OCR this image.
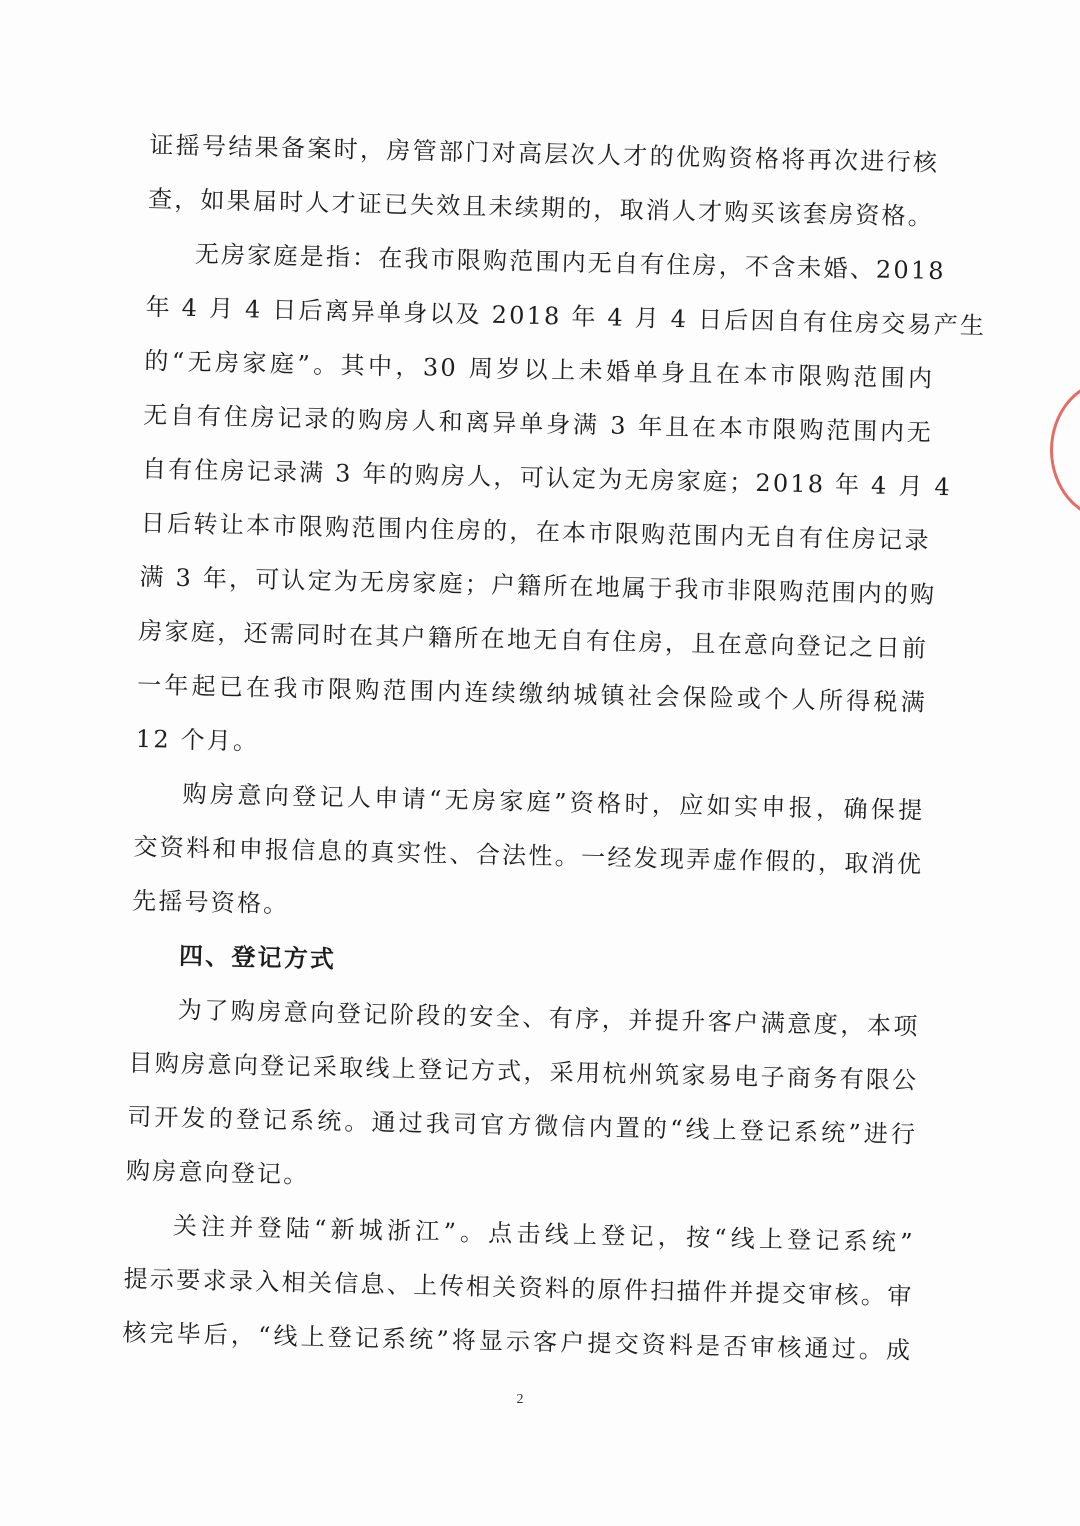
证摇号结果备案时，房管部门对高层次人才的优购资格将再次进行核
查，如果届时人才证已失效且未续期的，取消人才购买该套房资格。
无房家庭是指：在我市限购范围内无自有住房，不含未婚、2018
年 4 月 4 日后离异单身以及 2018 年 4 月 4 日后因自有住房交易产生
的“无房家庭”。其中，30 周岁以上未婚单身且在本市限购范围内
无自有住房记录的购房人和离异单身满 3 年且在本市限购范围内无
自有住房记录满 3 年的购房人，可认定为无房家庭；2018 年 4 月 4
日后转让本市限购范围内住房的，在本市限购范围内无自有住房记录
满 3 年，可认定为无房家庭；户籍所在地属于我市非限购范围内的购
房家庭，还需同时在其户籍所在地无自有住房，且在意向登记之日前
一年起已在我市限购范围内连续缴纳城镇社会保险或个人所得税满
12 个月。
购房意向登记人申请“无房家庭”资格时，应如实申报，确保提
交资料和申报信息的真实性、合法性。一经发现弄虚作假的，取消优
先摇号资格。
四、登记方式
为了购房意向登记阶段的安全、有序，并提升客户满意度，本项
目购房意向登记采取线上登记方式，采用杭州筑家易电子商务有限公
司开发的登记系统。通过我司官方微信内置的“线上登记系统”进行
购房意向登记。
关注并登陆“新城浙江”。点击线上登记，按“线上登记系统”
提示要求录入相关信息、上传相关资料的原件扫描件并提交审核。审
核完毕后，“线上登记系统”将显示客户提交资料是否审核通过。成
2
